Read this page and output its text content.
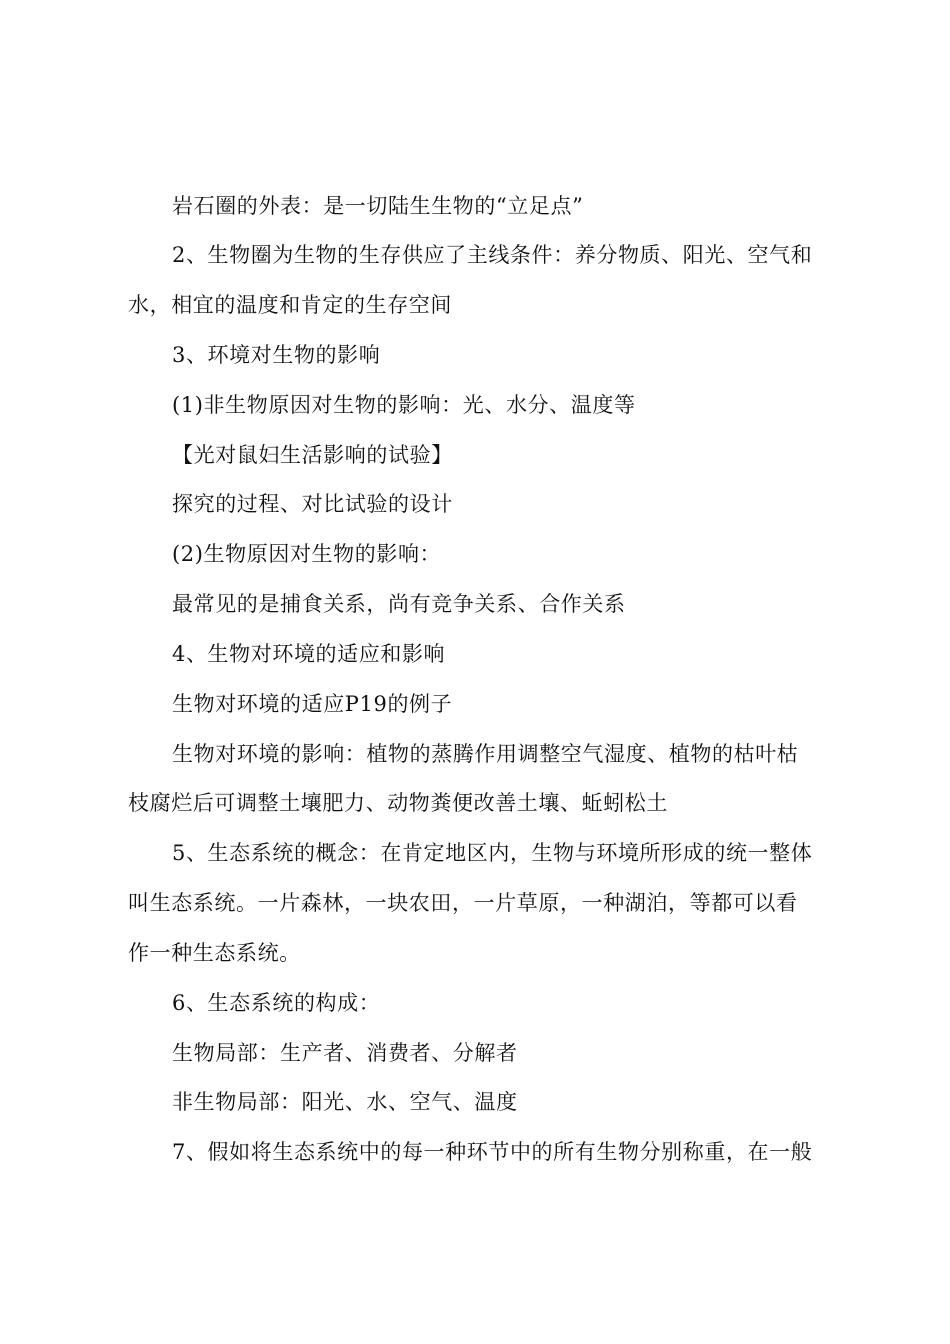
岩石圈的外表：是一切陆生生物的“立足点”
2、生物圈为生物的生存供应了主线条件：养分物质、阳光、空气和
水，相宜的温度和肯定的生存空间
3、环境对生物的影响
(1)非生物原因对生物的影响：光、水分、温度等
【光对鼠妇生活影响的试验】
探究的过程、对比试验的设计
(2)生物原因对生物的影响：
最常见的是捕食关系，尚有竞争关系、合作关系
4、生物对环境的适应和影响
生物对环境的适应P19的例子
生物对环境的影响：植物的蒸腾作用调整空气湿度、植物的枯叶枯
枝腐烂后可调整土壤肥力、动物粪便改善土壤、蚯蚓松土
5、生态系统的概念：在肯定地区内，生物与环境所形成的统一整体
叫生态系统。一片森林，一块农田，一片草原，一种湖泊，等都可以看
作一种生态系统。
6、生态系统的构成：
生物局部：生产者、消费者、分解者
非生物局部：阳光、水、空气、温度
7、假如将生态系统中的每一种环节中的所有生物分别称重，在一般
